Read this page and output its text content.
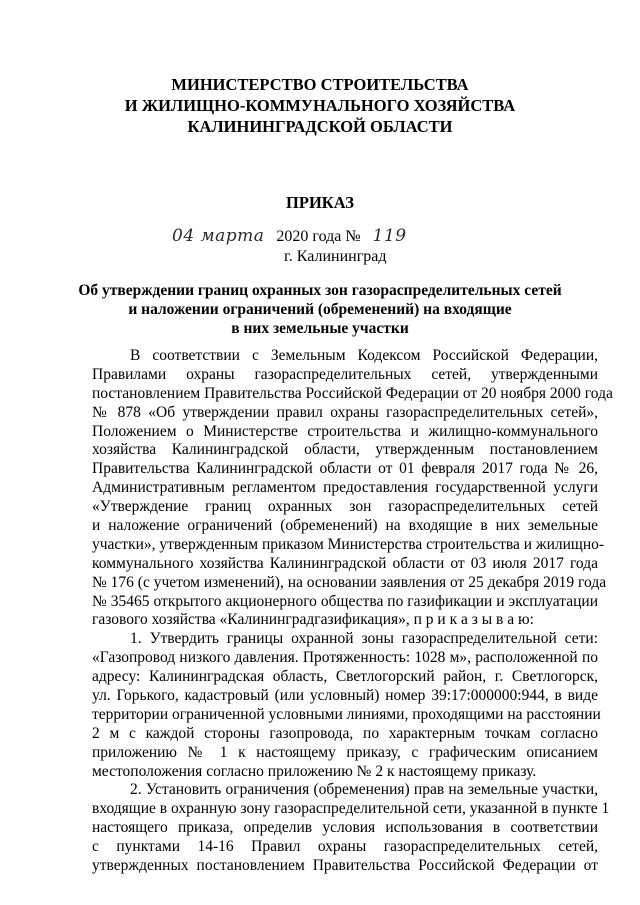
МИНИСТЕРСТВО СТРОИТЕЛЬСТВА
И ЖИЛИЩНО-КОММУНАЛЬНОГО ХОЗЯЙСТВА
КАЛИНИНГРАДСКОЙ ОБЛАСТИ
ПРИКАЗ
04 марта 2020 года № 119
г. Калининград
Об утверждении границ охранных зон газораспределительных сетей
и наложении ограничений (обременений) на входящие
в них земельные участки
В соответствии с Земельным Кодексом Российской Федерации,
Правилами охраны газораспределительных сетей, утвержденными
постановлением Правительства Российской Федерации от 20 ноября 2000 года
№ 878 «Об утверждении правил охраны газораспределительных сетей»,
Положением о Министерстве строительства и жилищно-коммунального
хозяйства Калининградской области, утвержденным постановлением
Правительства Калининградской области от 01 февраля 2017 года № 26,
Административным регламентом предоставления государственной услуги
«Утверждение границ охранных зон газораспределительных сетей
и наложение ограничений (обременений) на входящие в них земельные
участки», утвержденным приказом Министерства строительства и жилищно-
коммунального хозяйства Калининградской области от 03 июля 2017 года
№ 176 (с учетом изменений), на основании заявления от 25 декабря 2019 года
№ 35465 открытого акционерного общества по газификации и эксплуатации
газового хозяйства «Калининградгазификация», п р и к а з ы в а ю:
1. Утвердить границы охранной зоны газораспределительной сети:
«Газопровод низкого давления. Протяженность: 1028 м», расположенной по
адресу: Калининградская область, Светлогорский район, г. Светлогорск,
ул. Горького, кадастровый (или условный) номер 39:17:000000:944, в виде
территории ограниченной условными линиями, проходящими на расстоянии
2 м с каждой стороны газопровода, по характерным точкам согласно
приложению № 1 к настоящему приказу, с графическим описанием
местоположения согласно приложению № 2 к настоящему приказу.
2. Установить ограничения (обременения) прав на земельные участки,
входящие в охранную зону газораспределительной сети, указанной в пункте 1
настоящего приказа, определив условия использования в соответствии
с пунктами 14-16 Правил охраны газораспределительных сетей,
утвержденных постановлением Правительства Российской Федерации от
